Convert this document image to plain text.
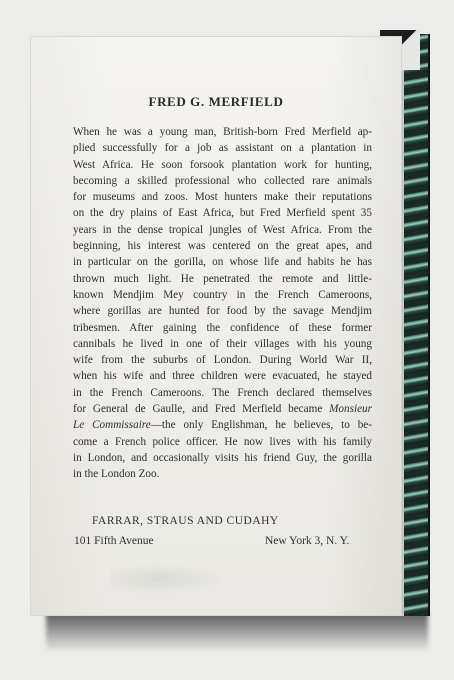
FRED G. MERFIELD
When he was a young man, British-born Fred Merfield ap-
plied successfully for a job as assistant on a plantation in
West Africa. He soon forsook plantation work for hunting,
becoming a skilled professional who collected rare animals
for museums and zoos. Most hunters make their reputations
on the dry plains of East Africa, but Fred Merfield spent 35
years in the dense tropical jungles of West Africa. From the
beginning, his interest was centered on the great apes, and
in particular on the gorilla, on whose life and habits he has
thrown much light. He penetrated the remote and little-
known Mendjim Mey country in the French Cameroons,
where gorillas are hunted for food by the savage Mendjim
tribesmen. After gaining the confidence of these former
cannibals he lived in one of their villages with his young
wife from the suburbs of London. During World War II,
when his wife and three children were evacuated, he stayed
in the French Cameroons. The French declared themselves
for General de Gaulle, and Fred Merfield became Monsieur
Le Commissaire—the only Englishman, he believes, to be-
come a French police officer. He now lives with his family
in London, and occasionally visits his friend Guy, the gorilla
in the London Zoo.
FARRAR, STRAUS AND CUDAHY
101 Fifth Avenue	New York 3, N. Y.
